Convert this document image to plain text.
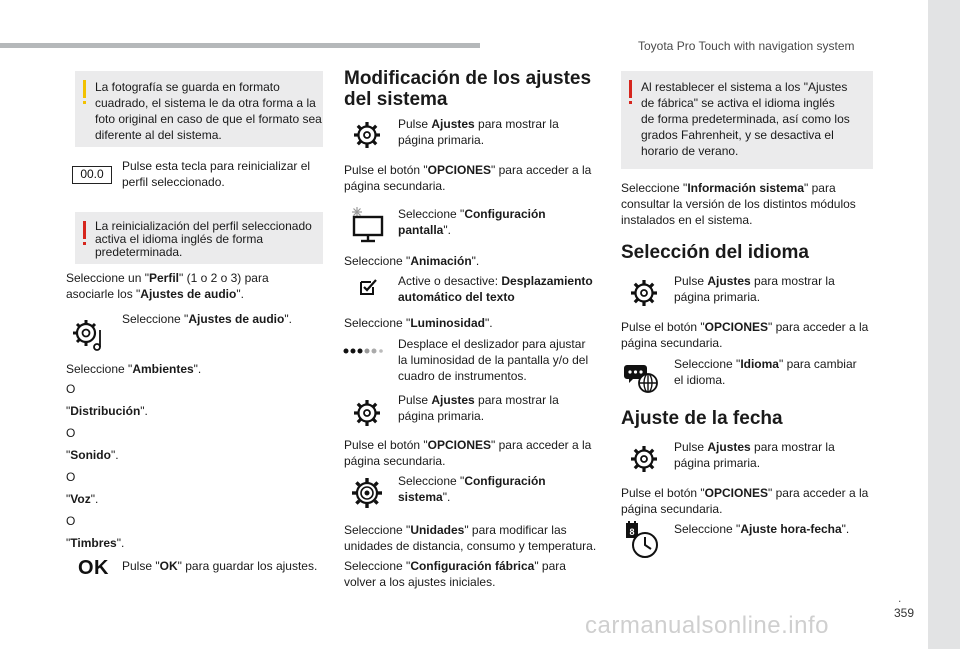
Toyota Pro Touch with navigation system
La fotografía se guarda en formato
cuadrado, el sistema le da otra forma a la
foto original en caso de que el formato sea
diferente al del sistema.
00.0
Pulse esta tecla para reinicializar el
perfil seleccionado.
La reinicialización del perfil seleccionado
activa el idioma inglés de forma
predeterminada.
Seleccione un "Perfil" (1 o 2 o 3) para
asociarle los "Ajustes de audio".
Seleccione "Ajustes de audio".
Seleccione "Ambientes".
O
"Distribución".
O
"Sonido".
O
"Voz".
O
"Timbres".
OK Pulse "OK" para guardar los ajustes.
Modificación de los ajustes
del sistema
Pulse Ajustes para mostrar la
página primaria.
Pulse el botón "OPCIONES" para acceder a la
página secundaria.
Seleccione "Configuración
pantalla".
Seleccione "Animación".
Active o desactive: Desplazamiento
automático del texto
Seleccione "Luminosidad".
Desplace el deslizador para ajustar
la luminosidad de la pantalla y/o del
cuadro de instrumentos.
Pulse Ajustes para mostrar la
página primaria.
Pulse el botón "OPCIONES" para acceder a la
página secundaria.
Seleccione "Configuración
sistema".
Seleccione "Unidades" para modificar las
unidades de distancia, consumo y temperatura.
Seleccione "Configuración fábrica" para
volver a los ajustes iniciales.
Al restablecer el sistema a los "Ajustes
de fábrica" se activa el idioma inglés
de forma predeterminada, así como los
grados Fahrenheit, y se desactiva el
horario de verano.
Seleccione "Información sistema" para
consultar la versión de los distintos módulos
instalados en el sistema.
Selección del idioma
Pulse Ajustes para mostrar la
página primaria.
Pulse el botón "OPCIONES" para acceder a la
página secundaria.
Seleccione "Idioma" para cambiar
el idioma.
Ajuste de la fecha
Pulse Ajustes para mostrar la
página primaria.
Pulse el botón "OPCIONES" para acceder a la
página secundaria.
8	Seleccione "Ajuste hora-fecha".
.
359
carmanualsonline.info
